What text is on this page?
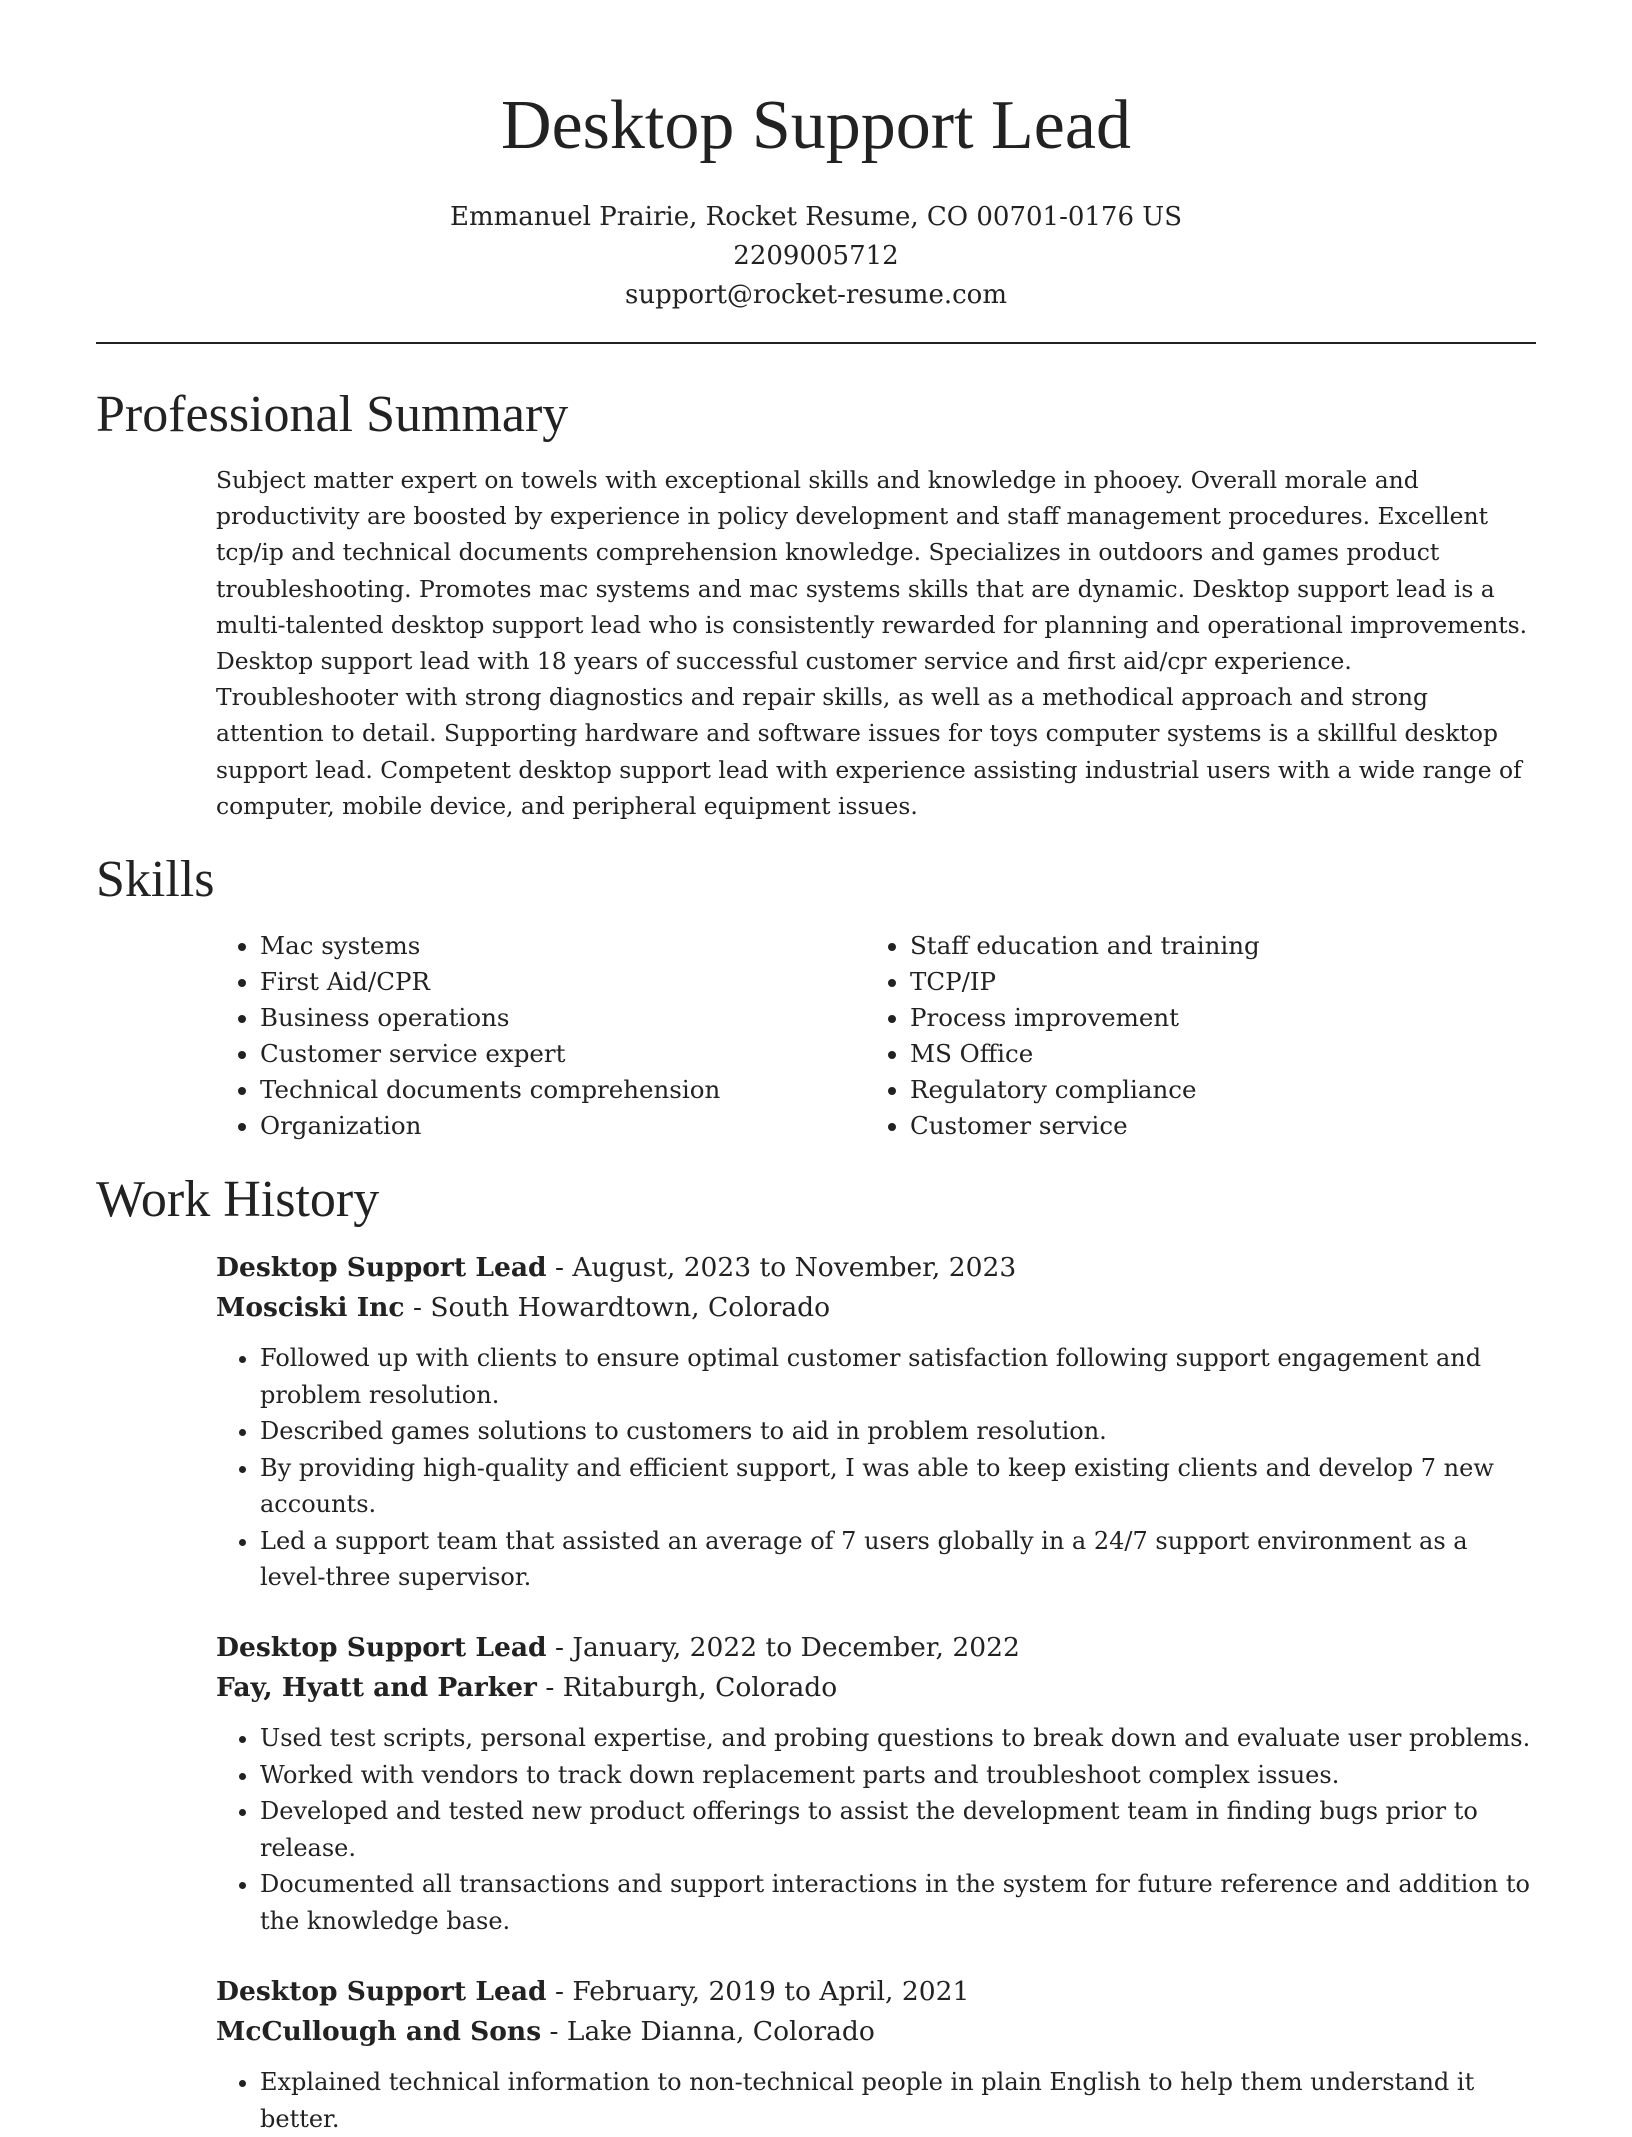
Desktop Support Lead
Emmanuel Prairie, Rocket Resume, CO 00701-0176 US
2209005712
support@rocket-resume.com
Professional Summary

Subject matter expert on towels with exceptional skills and knowledge in phooey. Overall morale and productivity are boosted by experience in policy development and staff management procedures. Excellent tcp/ip and technical documents comprehension knowledge. Specializes in outdoors and games product troubleshooting. Promotes mac systems and mac systems skills that are dynamic. Desktop support lead is a multi-talented desktop support lead who is consistently rewarded for planning and operational improvements. Desktop support lead with 18 years of successful customer service and first aid/cpr experience. Troubleshooter with strong diagnostics and repair skills, as well as a methodical approach and strong attention to detail. Supporting hardware and software issues for toys computer systems is a skillful desktop support lead. Competent desktop support lead with experience assisting industrial users with a wide range of computer, mobile device, and peripheral equipment issues.

Skills
• Mac systems
• First Aid/CPR
• Business operations
• Customer service expert
• Technical documents comprehension
• Organization
• Staff education and training
• TCP/IP
• Process improvement
• MS Office
• Regulatory compliance
• Customer service
Work History
Desktop Support Lead - August, 2023 to November, 2023
Mosciski Inc - South Howardtown, Colorado
• Followed up with clients to ensure optimal customer satisfaction following support engagement and problem resolution.
• Described games solutions to customers to aid in problem resolution.
• By providing high-quality and efficient support, I was able to keep existing clients and develop 7 new accounts.
• Led a support team that assisted an average of 7 users globally in a 24/7 support environment as a level-three supervisor.
Desktop Support Lead - January, 2022 to December, 2022
Fay, Hyatt and Parker - Ritaburgh, Colorado
• Used test scripts, personal expertise, and probing questions to break down and evaluate user problems.
• Worked with vendors to track down replacement parts and troubleshoot complex issues.
• Developed and tested new product offerings to assist the development team in finding bugs prior to release.
• Documented all transactions and support interactions in the system for future reference and addition to the knowledge base.
Desktop Support Lead - February, 2019 to April, 2021
McCullough and Sons - Lake Dianna, Colorado
• Explained technical information to non-technical people in plain English to help them understand it better.
